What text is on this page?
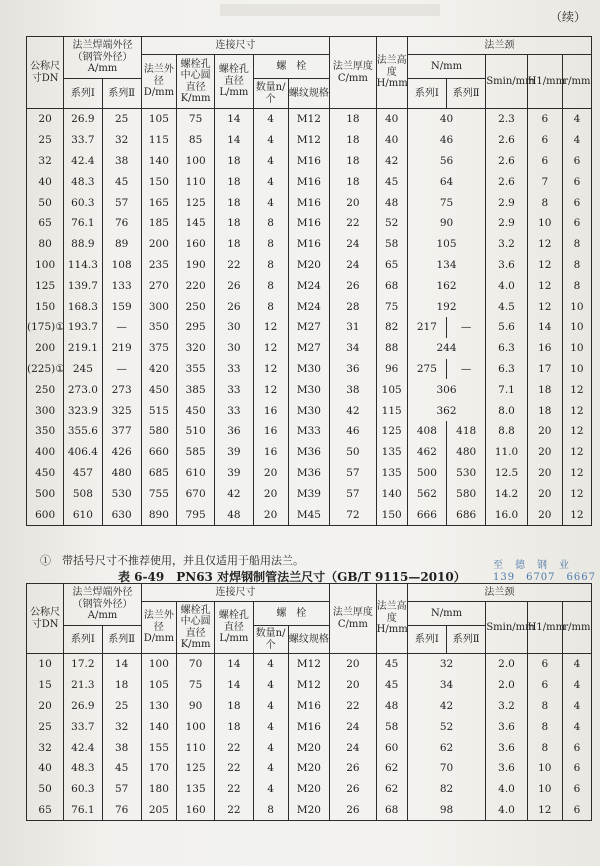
（续）
公称尺寸DN	法兰焊端外径（钢管外径）A/mm		连接尺寸					法兰厚度C/mm	法兰高度H/mm	法兰颈				
			法兰外径D/mm	螺栓孔中心圆直径K/mm	螺栓孔直径L/mm	螺　栓				N/mm		Smin/mm	H1/mm	r/mm
	系列Ⅰ	系列Ⅱ				数量n/个	螺纹规格			系列Ⅰ	系列Ⅱ			
20	26.9	25	105	75	14	4	M12	18	40	40		2.3	6	4
25	33.7	32	115	85	14	4	M12	18	40	46		2.6	6	4
32	42.4	38	140	100	18	4	M16	18	42	56		2.6	6	6
40	48.3	45	150	110	18	4	M16	18	45	64		2.6	7	6
50	60.3	57	165	125	18	4	M16	20	48	75		2.9	8	6
65	76.1	76	185	145	18	8	M16	22	52	90		2.9	10	6
80	88.9	89	200	160	18	8	M16	24	58	105		3.2	12	8
100	114.3	108	235	190	22	8	M20	24	65	134		3.6	12	8
125	139.7	133	270	220	26	8	M24	26	68	162		4.0	12	8
150	168.3	159	300	250	26	8	M24	28	75	192		4.5	12	10
(175)①	193.7	—	350	295	30	12	M27	31	82	217	—	5.6	14	10
200	219.1	219	375	320	30	12	M27	34	88	244		6.3	16	10
(225)①	245	—	420	355	33	12	M30	36	96	275	—	6.3	17	10
250	273.0	273	450	385	33	12	M30	38	105	306		7.1	18	12
300	323.9	325	515	450	33	16	M30	42	115	362		8.0	18	12
350	355.6	377	580	510	36	16	M33	46	125	408	418	8.8	20	12
400	406.4	426	660	585	39	16	M36	50	135	462	480	11.0	20	12
450	457	480	685	610	39	20	M36	57	135	500	530	12.5	20	12
500	508	530	755	670	42	20	M39	57	140	562	580	14.2	20	12
600	610	630	890	795	48	20	M45	72	150	666	686	16.0	20	12
①　带括号尺寸不推荐使用，并且仅适用于船用法兰。
表 6-49　PN63 对焊钢制管法兰尺寸（GB/T 9115—2010）
至　德　钢　业
139　6707　6667
公称尺寸DN	法兰焊端外径（钢管外径）A/mm		连接尺寸					法兰厚度C/mm	法兰高度H/mm	法兰颈				
			法兰外径D/mm	螺栓孔中心圆直径K/mm	螺栓孔直径L/mm	螺　栓				N/mm		Smin/mm	H1/mm	r/mm
	系列Ⅰ	系列Ⅱ				数量n/个	螺纹规格			系列Ⅰ	系列Ⅱ			
10	17.2	14	100	70	14	4	M12	20	45	32		2.0	6	4
15	21.3	18	105	75	14	4	M12	20	45	34		2.0	6	4
20	26.9	25	130	90	18	4	M16	22	48	42		3.2	8	4
25	33.7	32	140	100	18	4	M16	24	58	52		3.6	8	4
32	42.4	38	155	110	22	4	M20	24	60	62		3.6	8	6
40	48.3	45	170	125	22	4	M20	26	62	70		3.6	10	6
50	60.3	57	180	135	22	4	M20	26	62	82		4.0	10	6
65	76.1	76	205	160	22	8	M20	26	68	98		4.0	12	6
